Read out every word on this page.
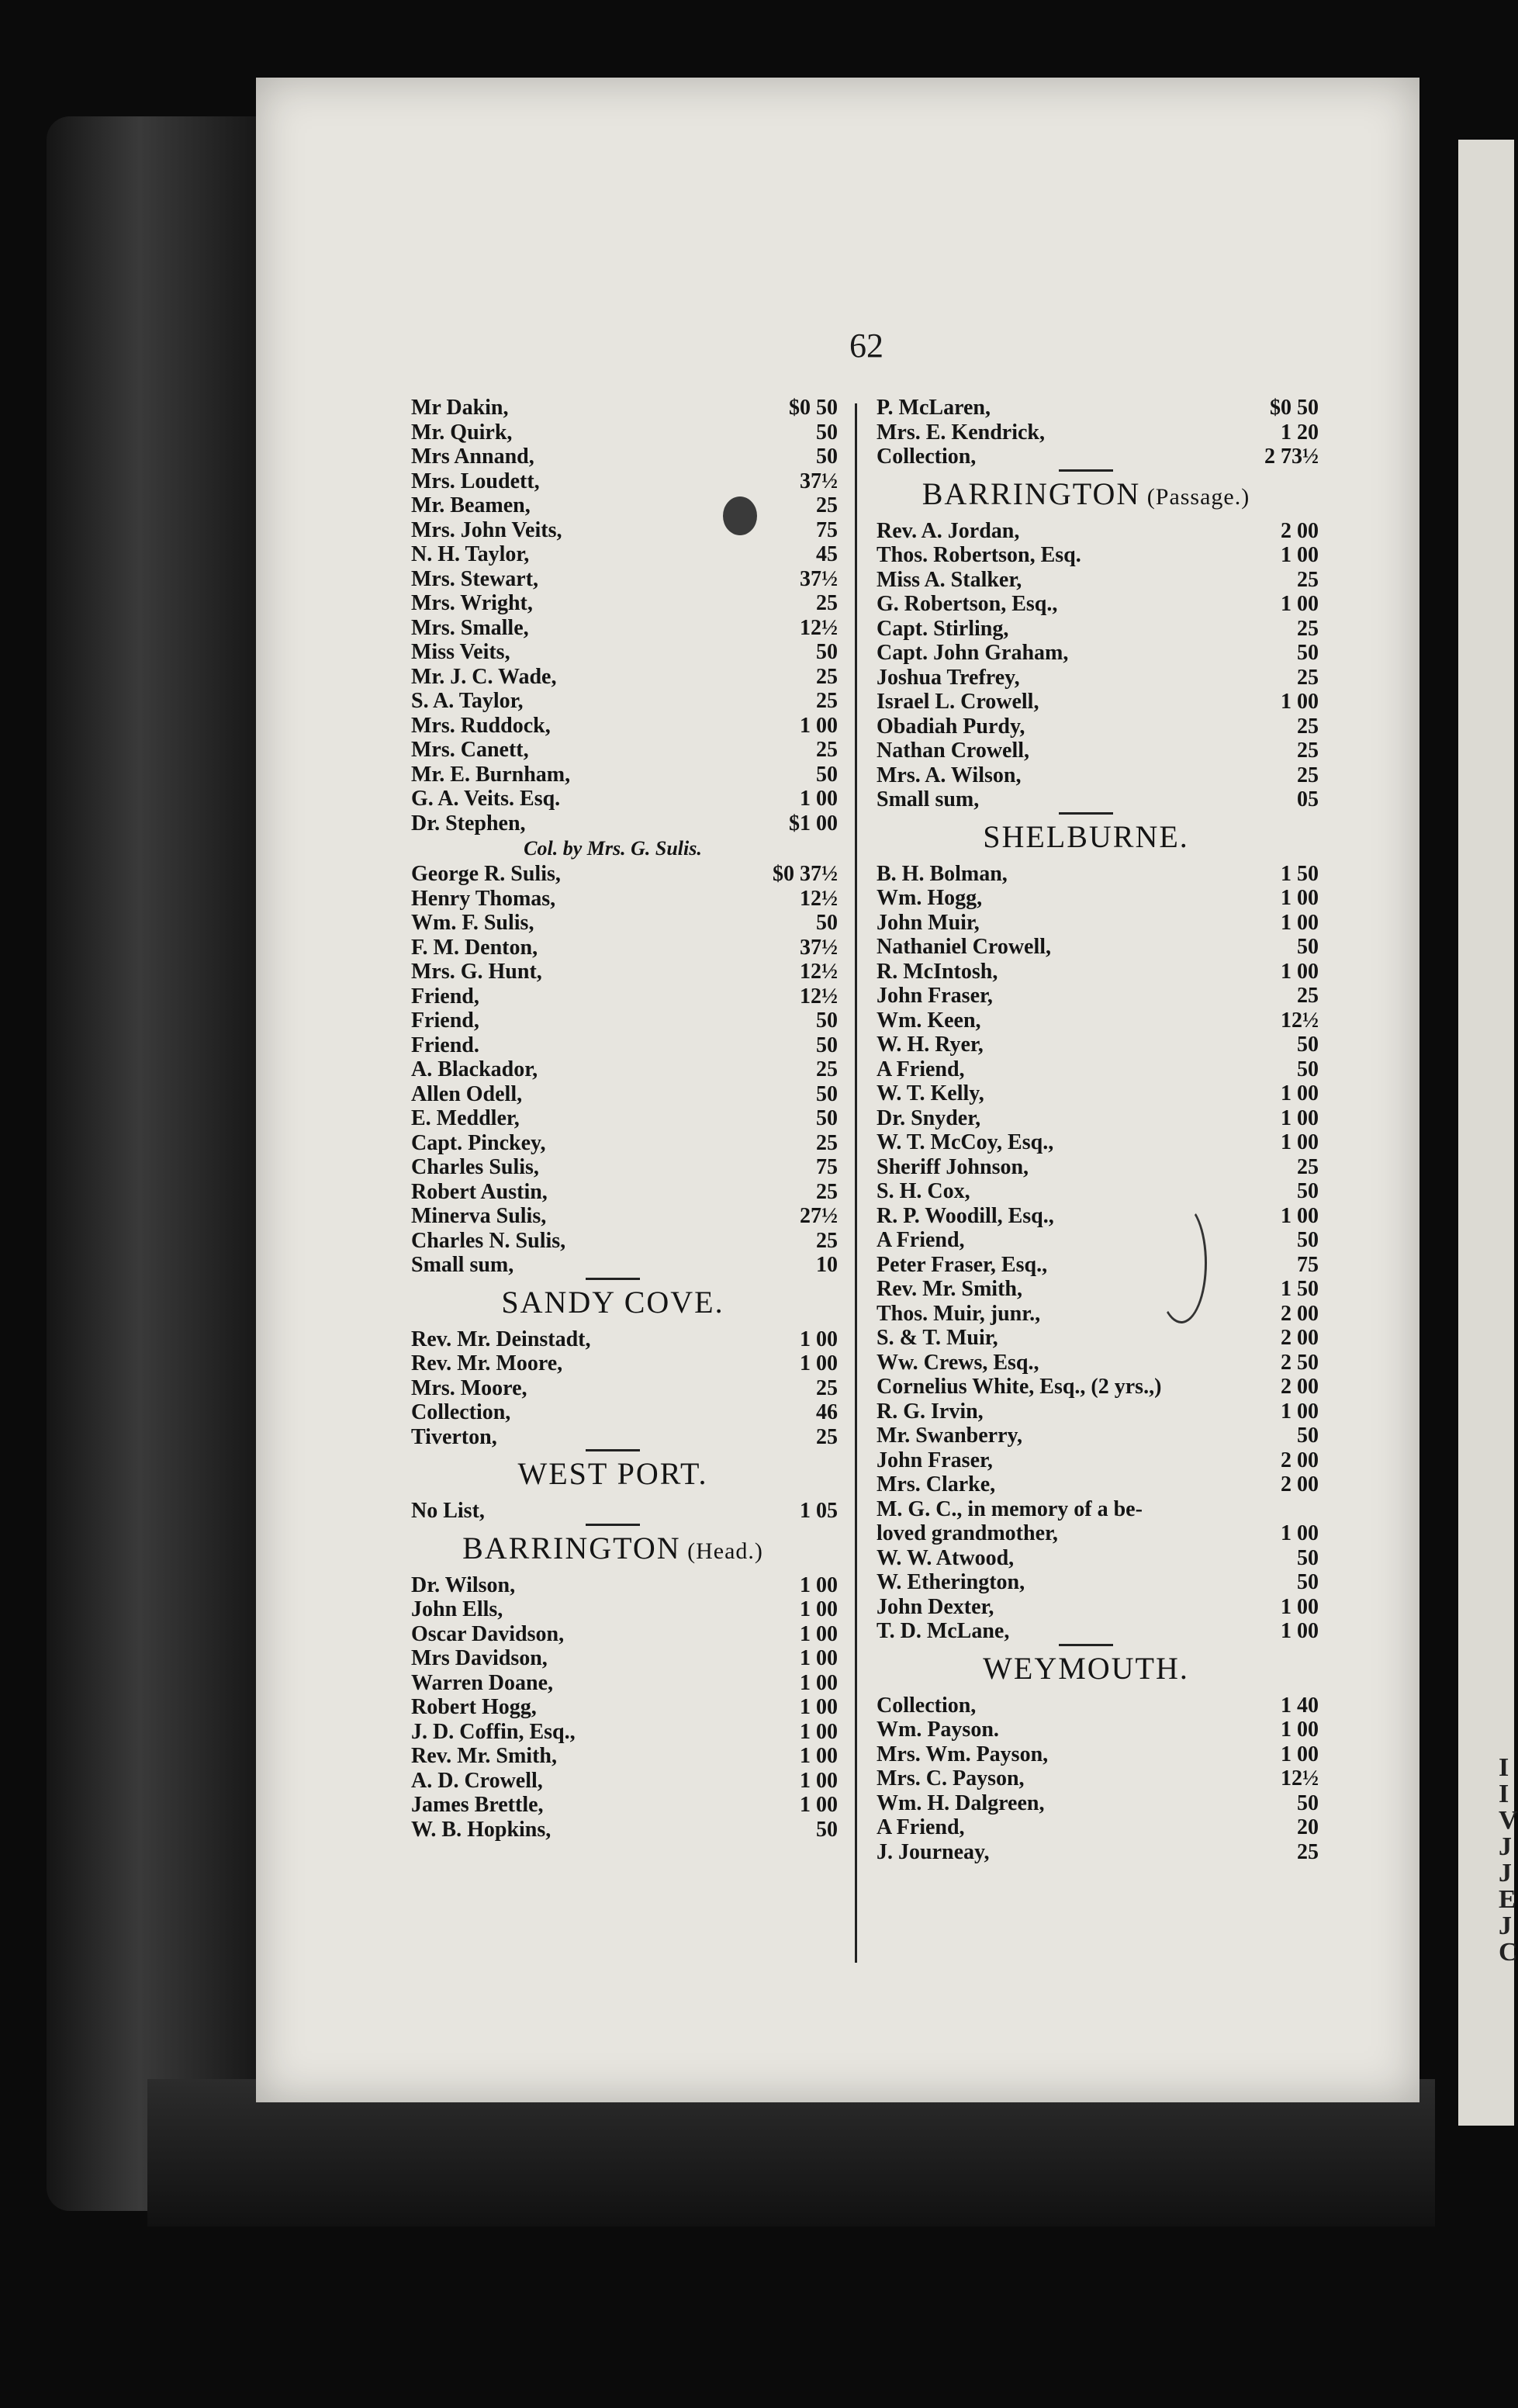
I
I
V
J
J
E
J
C
62
Mr Dakin,	$0 50
Mr. Quirk,	50
Mrs Annand,	50
Mrs. Loudett,	37½
Mr. Beamen,	25
Mrs. John Veits,	75
N. H. Taylor,	45
Mrs. Stewart,	37½
Mrs. Wright,	25
Mrs. Smalle,	12½
Miss Veits,	50
Mr. J. C. Wade,	25
S. A. Taylor,	25
Mrs. Ruddock,	1 00
Mrs. Canett,	25
Mr. E. Burnham,	50
G. A. Veits. Esq.	1 00
Dr. Stephen,	$1 00
Col. by Mrs. G. Sulis.
George R. Sulis,	$0 37½
Henry Thomas,	12½
Wm. F. Sulis,	50
F. M. Denton,	37½
Mrs. G. Hunt,	12½
Friend,	12½
Friend,	50
Friend.	50
A. Blackador,	25
Allen Odell,	50
E. Meddler,	50
Capt. Pinckey,	25
Charles Sulis,	75
Robert Austin,	25
Minerva Sulis,	27½
Charles N. Sulis,	25
Small sum,	10
SANDY COVE.
Rev. Mr. Deinstadt,	1 00
Rev. Mr. Moore,	1 00
Mrs. Moore,	25
Collection,	46
Tiverton,	25
WEST PORT.
No List,	1 05
BARRINGTON (Head.)
Dr. Wilson,	1 00
John Ells,	1 00
Oscar Davidson,	1 00
Mrs Davidson,	1 00
Warren Doane,	1 00
Robert Hogg,	1 00
J. D. Coffin, Esq.,	1 00
Rev. Mr. Smith,	1 00
A. D. Crowell,	1 00
James Brettle,	1 00
W. B. Hopkins,	50
P. McLaren,	$0 50
Mrs. E. Kendrick,	1 20
Collection,	2 73½
BARRINGTON (Passage.)
Rev. A. Jordan,	2 00
Thos. Robertson, Esq.	1 00
Miss A. Stalker,	25
G. Robertson, Esq.,	1 00
Capt. Stirling,	25
Capt. John Graham,	50
Joshua Trefrey,	25
Israel L. Crowell,	1 00
Obadiah Purdy,	25
Nathan Crowell,	25
Mrs. A. Wilson,	25
Small sum,	05
SHELBURNE.
B. H. Bolman,	1 50
Wm. Hogg,	1 00
John Muir,	1 00
Nathaniel Crowell,	50
R. McIntosh,	1 00
John Fraser,	25
Wm. Keen,	12½
W. H. Ryer,	50
A Friend,	50
W. T. Kelly,	1 00
Dr. Snyder,	1 00
W. T. McCoy, Esq.,	1 00
Sheriff Johnson,	25
S. H. Cox,	50
R. P. Woodill, Esq.,	1 00
A Friend,	50
Peter Fraser, Esq.,	75
Rev. Mr. Smith,	1 50
Thos. Muir, junr.,	2 00
S. & T. Muir,	2 00
Ww. Crews, Esq.,	2 50
Cornelius White, Esq., (2 yrs.,)	2 00
R. G. Irvin,	1 00
Mr. Swanberry,	50
John Fraser,	2 00
Mrs. Clarke,	2 00
M. G. C., in memory of a be-
loved grandmother,	1 00
W. W. Atwood,	50
W. Etherington,	50
John Dexter,	1 00
T. D. McLane,	1 00
WEYMOUTH.
Collection,	1 40
Wm. Payson.	1 00
Mrs. Wm. Payson,	1 00
Mrs. C. Payson,	12½
Wm. H. Dalgreen,	50
A Friend,	20
J. Journeay,	25
